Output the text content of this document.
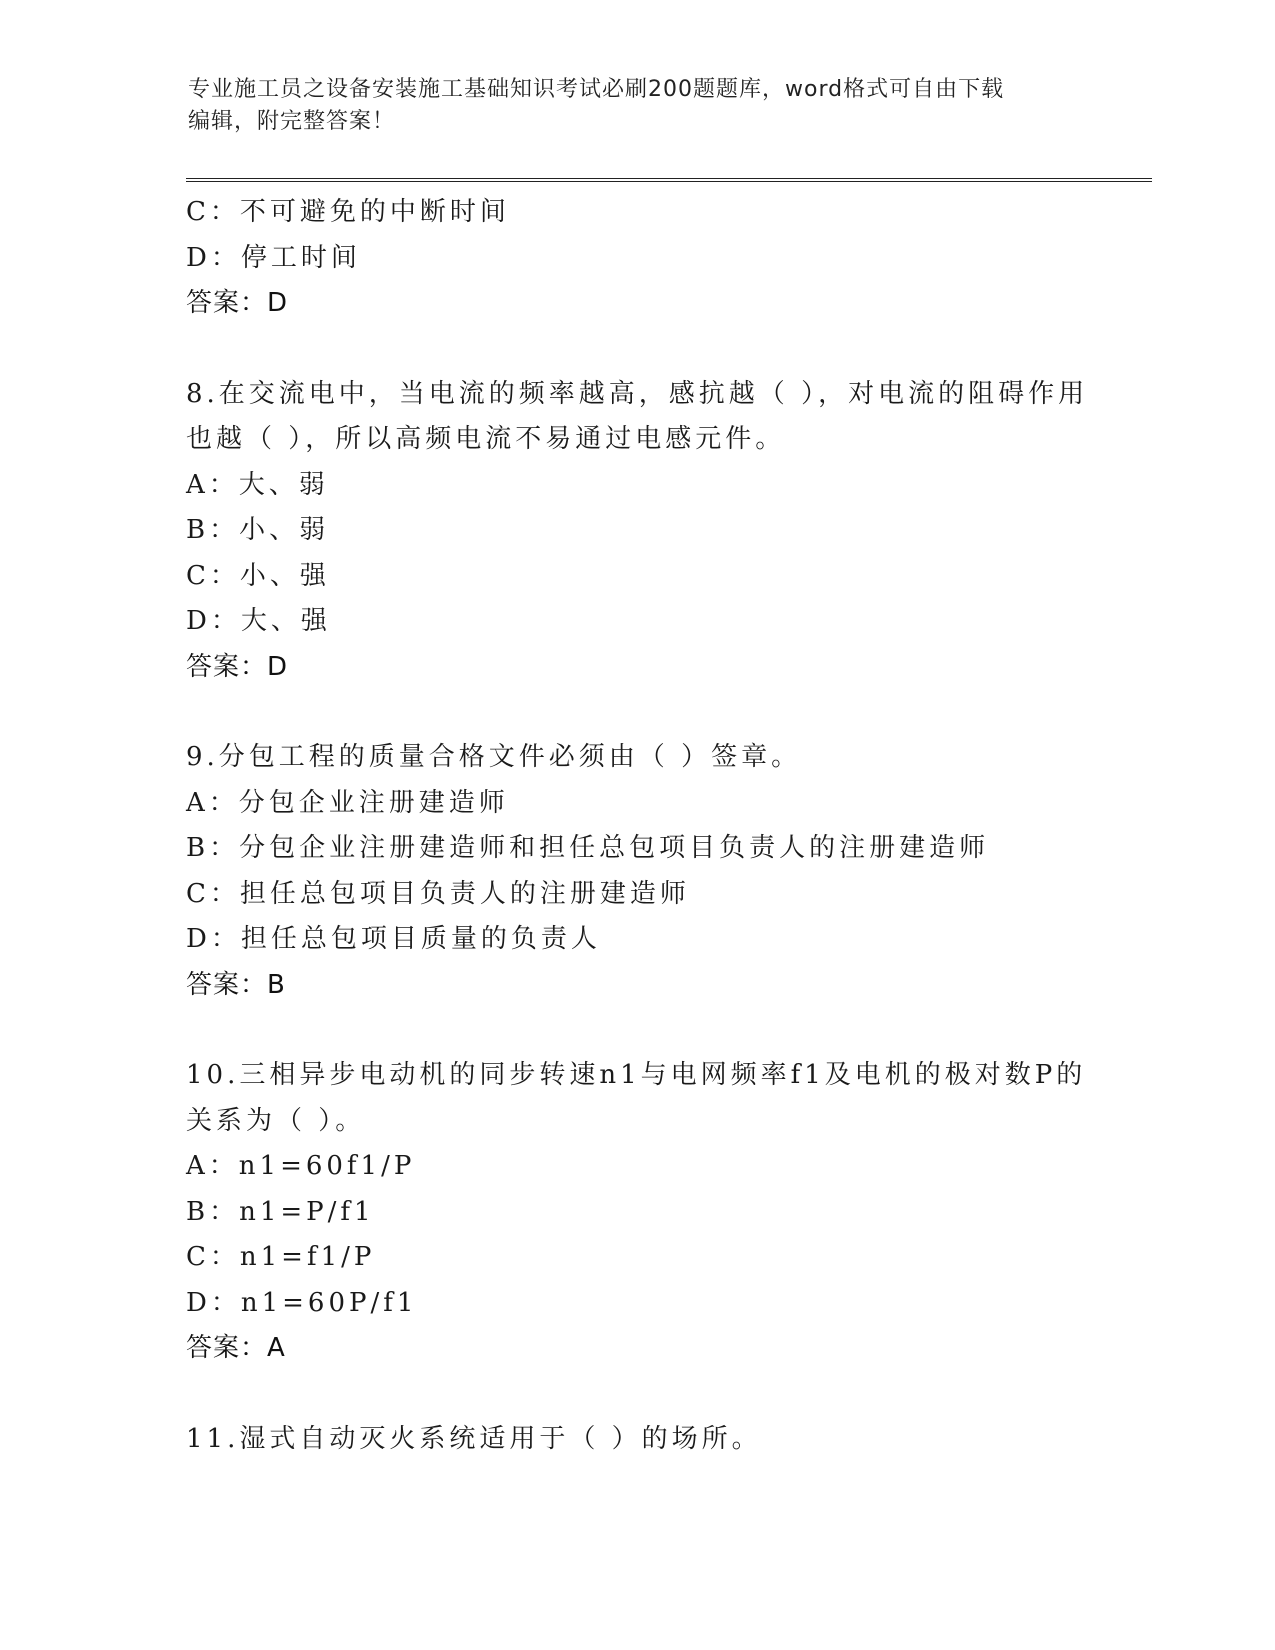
专业施工员之设备安装施工基础知识考试必刷200题题库，word格式可自由下载
编辑，附完整答案！
C：不可避免的中断时间
D：停工时间
答案：D
8.在交流电中，当电流的频率越高，感抗越（ ），对电流的阻碍作用
也越（ ），所以高频电流不易通过电感元件。
A：大、弱
B：小、弱
C：小、强
D：大、强
答案：D
9.分包工程的质量合格文件必须由（ ）签章。
A：分包企业注册建造师
B：分包企业注册建造师和担任总包项目负责人的注册建造师
C：担任总包项目负责人的注册建造师
D：担任总包项目质量的负责人
答案：B
10.三相异步电动机的同步转速n1与电网频率f1及电机的极对数P的
关系为（ ）。
A：n1=60f1/P
B：n1=P/f1
C：n1=f1/P
D：n1=60P/f1
答案：A
11.湿式自动灭火系统适用于（ ）的场所。
